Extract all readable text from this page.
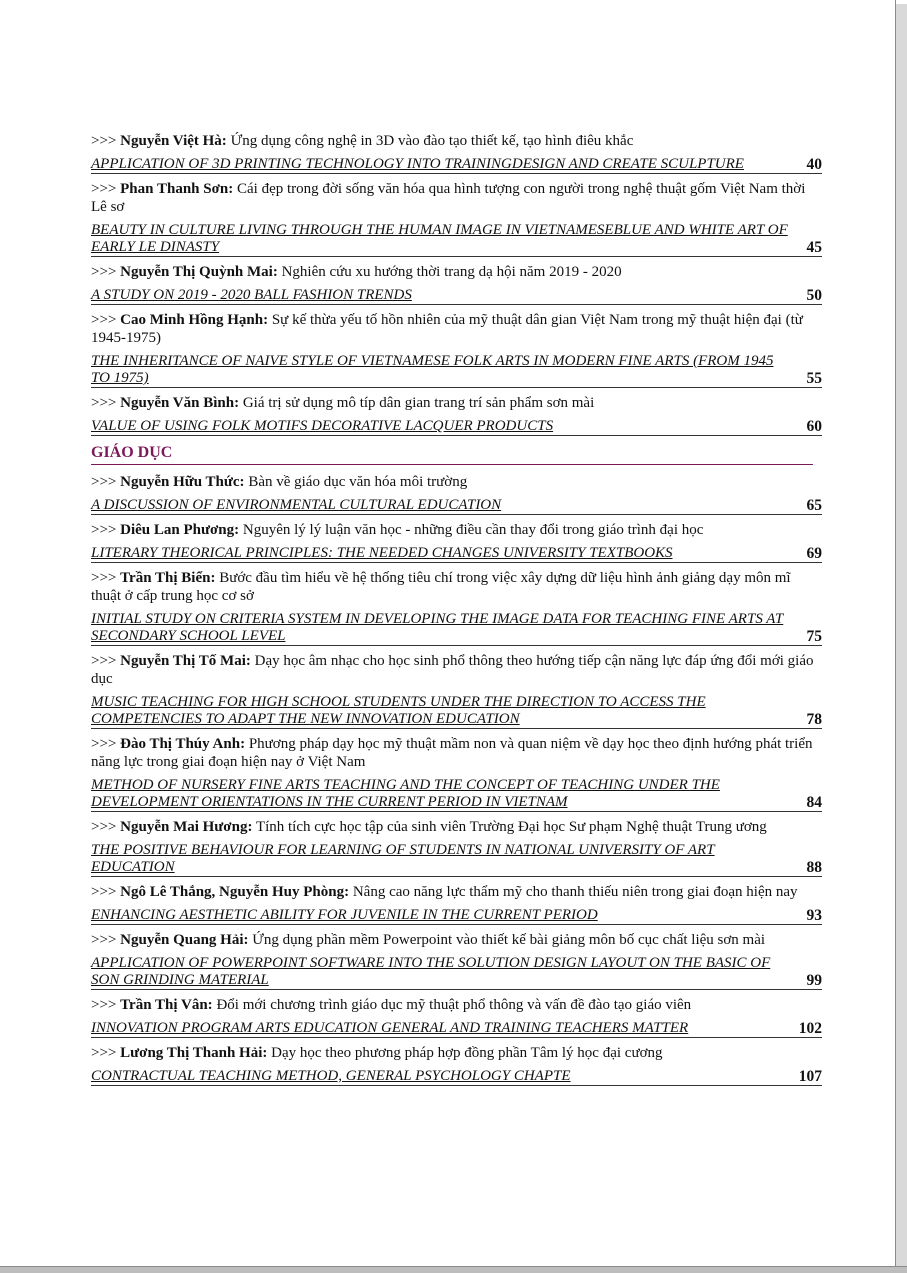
>>> Nguyễn Việt Hà: Ứng dụng công nghệ in 3D vào đào tạo thiết kế, tạo hình điêu khắc
APPLICATION OF 3D PRINTING TECHNOLOGY INTO TRAININGDESIGN AND CREATE SCULPTURE	40
>>> Phan Thanh Sơn: Cái đẹp trong đời sống văn hóa qua hình tượng con người trong nghệ thuật gốm Việt Nam thời Lê sơ
BEAUTY IN CULTURE LIVING THROUGH THE HUMAN IMAGE IN VIETNAMESEBLUE AND WHITE ART OF EARLY LE DINASTY	45
>>> Nguyễn Thị Quỳnh Mai: Nghiên cứu xu hướng thời trang dạ hội năm 2019 - 2020
A STUDY ON 2019 - 2020 BALL FASHION TRENDS	50
>>> Cao Minh Hồng Hạnh: Sự kế thừa yếu tố hồn nhiên của mỹ thuật dân gian Việt Nam trong mỹ thuật hiện đại (từ 1945-1975)
THE INHERITANCE OF NAIVE STYLE OF VIETNAMESE FOLK ARTS IN MODERN FINE ARTS (FROM 1945 TO 1975)	55
>>> Nguyễn Văn Bình: Giá trị sử dụng mô típ dân gian trang trí sản phẩm sơn mài
VALUE OF USING FOLK MOTIFS DECORATIVE LACQUER PRODUCTS	60
GIÁO DỤC
>>> Nguyễn Hữu Thức: Bàn về giáo dục văn hóa môi trường
A DISCUSSION OF ENVIRONMENTAL CULTURAL EDUCATION	65
>>> Diêu Lan Phương: Nguyên lý lý luận văn học - những điều cần thay đổi trong giáo trình đại học
LITERARY THEORICAL PRINCIPLES: THE NEEDED CHANGES UNIVERSITY TEXTBOOKS	69
>>> Trần Thị Biển: Bước đầu tìm hiểu về hệ thống tiêu chí trong việc xây dựng dữ liệu hình ảnh giảng dạy môn mĩ thuật ở cấp trung học cơ sở
INITIAL STUDY ON CRITERIA SYSTEM IN DEVELOPING THE IMAGE DATA FOR TEACHING FINE ARTS AT SECONDARY SCHOOL LEVEL	75
>>> Nguyễn Thị Tố Mai: Dạy học âm nhạc cho học sinh phổ thông theo hướng tiếp cận năng lực đáp ứng đổi mới giáo dục
MUSIC TEACHING FOR HIGH SCHOOL STUDENTS UNDER THE DIRECTION TO ACCESS THE COMPETENCIES TO ADAPT THE NEW INNOVATION EDUCATION	78
>>> Đào Thị Thúy Anh: Phương pháp dạy học mỹ thuật mầm non và quan niệm về dạy học theo định hướng phát triển năng lực trong giai đoạn hiện nay ở Việt Nam
METHOD OF NURSERY FINE ARTS TEACHING AND THE CONCEPT OF TEACHING UNDER THE DEVELOPMENT ORIENTATIONS IN THE CURRENT PERIOD IN VIETNAM	84
>>> Nguyễn Mai Hương: Tính tích cực học tập của sinh viên Trường Đại học Sư phạm Nghệ thuật Trung ương
THE POSITIVE BEHAVIOUR FOR LEARNING OF STUDENTS IN NATIONAL UNIVERSITY OF ART EDUCATION	88
>>> Ngô Lê Thắng, Nguyễn Huy Phòng: Nâng cao năng lực thẩm mỹ cho thanh thiếu niên trong giai đoạn hiện nay
ENHANCING AESTHETIC ABILITY FOR JUVENILE IN THE CURRENT PERIOD	93
>>> Nguyễn Quang Hải: Ứng dụng phần mềm Powerpoint vào thiết kế bài giảng môn bố cục chất liệu sơn mài
APPLICATION OF POWERPOINT SOFTWARE INTO THE SOLUTION DESIGN LAYOUT ON THE BASIC OF SON GRINDING MATERIAL	99
>>> Trần Thị Vân: Đổi mới chương trình giáo dục mỹ thuật phổ thông và vấn đề đào tạo giáo viên
INNOVATION PROGRAM ARTS EDUCATION GENERAL AND TRAINING TEACHERS MATTER	102
>>> Lương Thị Thanh Hải: Dạy học theo phương pháp hợp đồng phần Tâm lý học đại cương
CONTRACTUAL TEACHING METHOD, GENERAL PSYCHOLOGY CHAPTE	107
